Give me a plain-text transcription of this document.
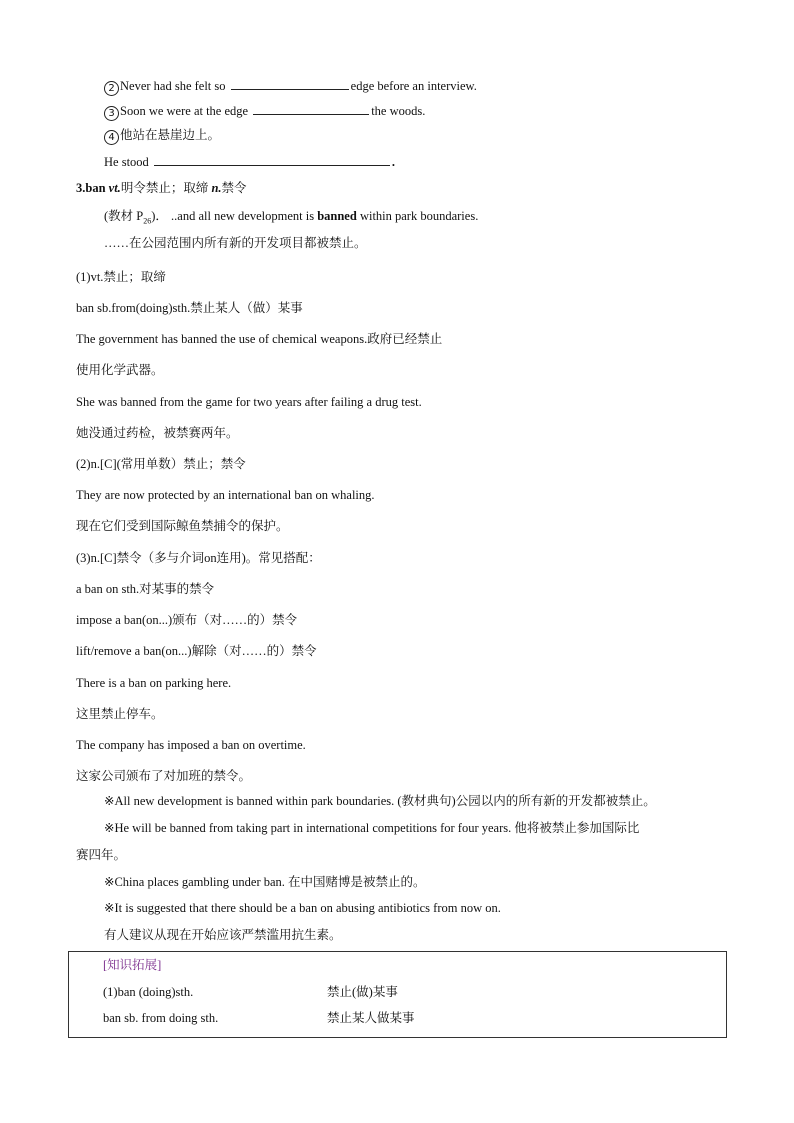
2 Never had she felt so	edge before an interview.
3 Soon we were at the edge	the woods.
4 他站在悬崖边上。
He stood	.
3.ban vt.明令禁止；取缔 n.禁令
(教材 $P_{26}$)． ..and all new development is banned within park boundaries.
……在公园范围内所有新的开发项目都被禁止。
(1)vt.禁止；取缔
ban sb.from(doing)sth.禁止某人（做）某事
The government has banned the use of chemical weapons.政府已经禁止
使用化学武器。
She was banned from the game for two years after failing a drug test.
她没通过药检，被禁赛两年。
(2)n.[C](常用单数）禁止；禁令
They are now protected by an international ban on whaling.
现在它们受到国际鲸鱼禁捕令的保护。
(3)n.[C]禁令（多与介词on连用)。常见搭配：
a ban on sth.对某事的禁令
impose a ban(on...)颁布（对……的）禁令
lift/remove a ban(on...)解除（对……的）禁令
There is a ban on parking here.
这里禁止停车。
The company has imposed a ban on overtime.
这家公司颁布了对加班的禁令。
※All new development is banned within park boundaries. (教材典句)公园以内的所有新的开发都被禁止。
※He will be banned from taking part in international competitions for four years. 他将被禁止参加国际比
赛四年。
※China places gambling under ban. 在中国赌博是被禁止的。
※It is suggested that there should be a ban on abusing antibiotics from now on.
有人建议从现在开始应该严禁滥用抗生素。
[知识拓展]
(1)ban (doing)sth.	禁止(做)某事
ban sb. from doing sth.	禁止某人做某事
